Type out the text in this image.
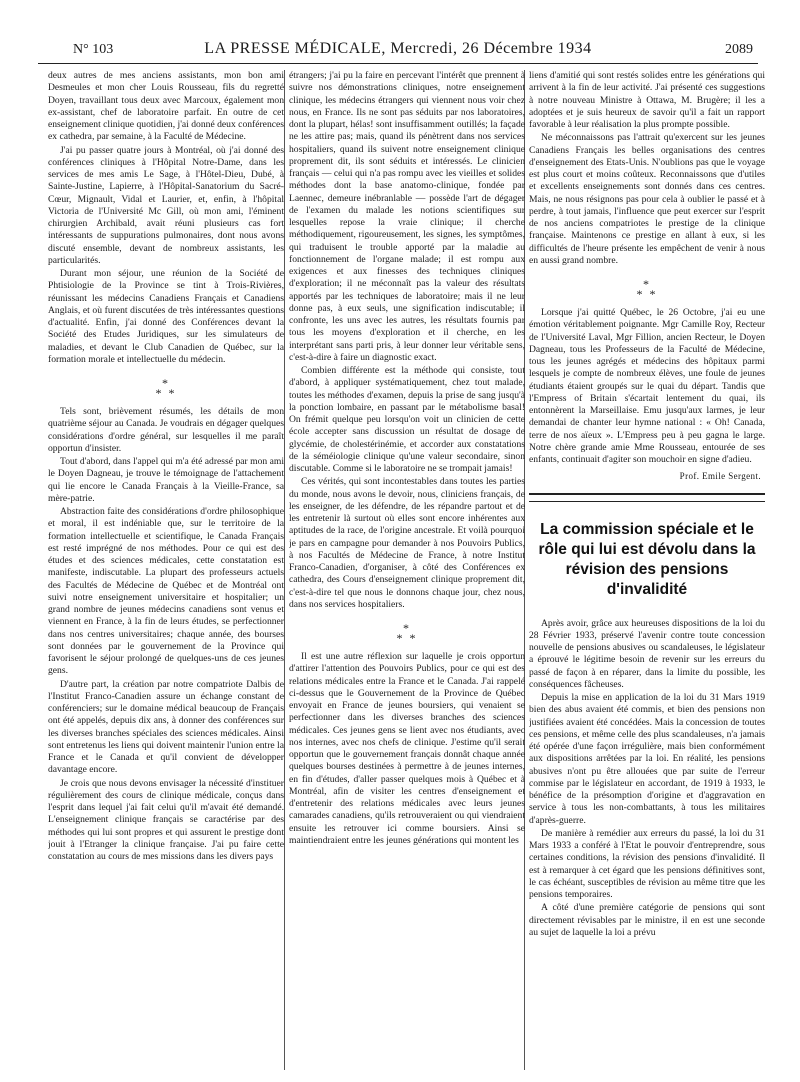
N° 103	LA PRESSE MÉDICALE, Mercredi, 26 Décembre 1934	2089

deux autres de mes anciens assistants, mon bon ami Desmeules et mon cher Louis Rousseau, fils du regretté Doyen, travaillant tous deux avec Marcoux, également mon ex-assistant, chef de laboratoire parfait. En outre de cet enseignement clinique quotidien, j'ai donné deux conférences ex cathedra, par semaine, à la Faculté de Médecine.

J'ai pu passer quatre jours à Montréal, où j'ai donné des conférences cliniques à l'Hôpital Notre-Dame, dans les services de mes amis Le Sage, à l'Hôtel-Dieu, Dubé, à Sainte-Justine, Lapierre, à l'Hôpital-Sanatorium du Sacré-Cœur, Mignault, Vidal et Laurier, et, enfin, à l'hôpital Victoria de l'Université Mc Gill, où mon ami, l'éminent chirurgien Archibald, avait réuni plusieurs cas fort intéressants de suppurations pulmonaires, dont nous avons discuté ensemble, devant de nombreux assistants, les particularités.

Durant mon séjour, une réunion de la Société de Phtisiologie de la Province se tint à Trois-Rivières, réunissant les médecins Canadiens Français et Canadiens Anglais, et où furent discutées de très intéressantes questions d'actualité. Enfin, j'ai donné des Conférences devant la Société des Etudes Juridiques, sur les simulateurs de maladies, et devant le Club Canadien de Québec, sur la formation morale et intellectuelle du médecin.

*
* *

Tels sont, brièvement résumés, les détails de mon quatrième séjour au Canada. Je voudrais en dégager quelques considérations d'ordre général, sur lesquelles il me paraît opportun d'insister.

Tout d'abord, dans l'appel qui m'a été adressé par mon ami le Doyen Dagneau, je trouve le témoignage de l'attachement qui lie encore le Canada Français à la Vieille-France, sa mère-patrie.

Abstraction faite des considérations d'ordre philosophique et moral, il est indéniable que, sur le territoire de la formation intellectuelle et scientifique, le Canada Français est resté imprégné de nos méthodes. Pour ce qui est des études et des sciences médicales, cette constatation est manifeste, indiscutable. La plupart des professeurs actuels des Facultés de Médecine de Québec et de Montréal ont suivi notre enseignement universitaire et hospitalier; un grand nombre de jeunes médecins canadiens sont venus et viennent en France, à la fin de leurs études, se perfectionner dans nos centres universitaires; chaque année, des bourses sont données par le gouvernement de la Province qui favorisent le séjour prolongé de quelques-uns de ces jeunes gens.

D'autre part, la création par notre compatriote Dalbis de l'Institut Franco-Canadien assure un échange constant de conférenciers; sur le domaine médical beaucoup de Français ont été appelés, depuis dix ans, à donner des conférences sur les diverses branches spéciales des sciences médicales. Ainsi sont entretenus les liens qui doivent maintenir l'union entre la France et le Canada et qu'il convient de développer davantage encore.

Je crois que nous devons envisager la nécessité d'instituer régulièrement des cours de clinique médicale, conçus dans l'esprit dans lequel j'ai fait celui qu'il m'avait été demandé. L'enseignement clinique français se caractérise par des méthodes qui lui sont propres et qui assurent le prestige dont jouit à l'Etranger la clinique française. J'ai pu faire cette constatation au cours de mes missions dans les divers pays

étrangers; j'ai pu la faire en percevant l'intérêt que prennent à suivre nos démonstrations cliniques, notre enseignement clinique, les médecins étrangers qui viennent nous voir chez nous, en France. Ils ne sont pas séduits par nos laboratoires, dont la plupart, hélas! sont insuffisamment outillés; la façade ne les attire pas; mais, quand ils pénètrent dans nos services hospitaliers, quand ils suivent notre enseignement clinique proprement dit, ils sont séduits et intéressés. Le clinicien français — celui qui n'a pas rompu avec les vieilles et solides méthodes dont la base anatomo-clinique, fondée par Laennec, demeure inébranlable — possède l'art de dégager de l'examen du malade les notions scientifiques sur lesquelles repose la vraie clinique; il cherche méthodiquement, rigoureusement, les signes, les symptômes, qui traduisent le trouble apporté par la maladie au fonctionnement de l'organe malade; il est rompu aux exigences et aux finesses des techniques cliniques d'exploration; il ne méconnaît pas la valeur des résultats apportés par les techniques de laboratoire; mais il ne leur donne pas, à eux seuls, une signification indiscutable; il confronte, les uns avec les autres, les résultats fournis par tous les moyens d'exploration et il cherche, en les interprétant sans parti pris, à leur donner leur véritable sens, c'est-à-dire à faire un diagnostic exact.

Combien différente est la méthode qui consiste, tout d'abord, à appliquer systématiquement, chez tout malade, toutes les méthodes d'examen, depuis la prise de sang jusqu'à la ponction lombaire, en passant par le métabolisme basal! On frémit quelque peu lorsqu'on voit un clinicien de cette école accepter sans discussion un résultat de dosage de glycémie, de cholestérinémie, et accorder aux constatations de la séméiologie clinique qu'une valeur secondaire, sinon discutable. Comme si le laboratoire ne se trompait jamais!

Ces vérités, qui sont incontestables dans toutes les parties du monde, nous avons le devoir, nous, cliniciens français, de les enseigner, de les défendre, de les répandre partout et de les entretenir là surtout où elles sont encore inhérentes aux aptitudes de la race, de l'origine ancestrale. Et voilà pourquoi je pars en campagne pour demander à nos Pouvoirs Publics, à nos Facultés de Médecine de France, à notre Institut Franco-Canadien, d'organiser, à côté des Conférences ex cathedra, des Cours d'enseignement clinique proprement dit, c'est-à-dire tel que nous le donnons chaque jour, chez nous, dans nos services hospitaliers.

*
* *

Il est une autre réflexion sur laquelle je crois opportun d'attirer l'attention des Pouvoirs Publics, pour ce qui est des relations médicales entre la France et le Canada. J'ai rappelé ci-dessus que le Gouvernement de la Province de Québec envoyait en France de jeunes boursiers, qui venaient se perfectionner dans les diverses branches des sciences médicales. Ces jeunes gens se lient avec nos étudiants, avec nos internes, avec nos chefs de clinique. J'estime qu'il serait opportun que le gouvernement français donnât chaque année quelques bourses destinées à permettre à de jeunes internes, en fin d'études, d'aller passer quelques mois à Québec et à Montréal, afin de visiter les centres d'enseignement et d'entretenir des relations médicales avec leurs jeunes camarades canadiens, qu'ils retrouveraient ou qui viendraient ensuite les retrouver ici comme boursiers. Ainsi se maintiendraient entre les jeunes générations qui montent les

liens d'amitié qui sont restés solides entre les générations qui arrivent à la fin de leur activité. J'ai présenté ces suggestions à notre nouveau Ministre à Ottawa, M. Brugère; il les a adoptées et je suis heureux de savoir qu'il a fait un rapport favorable à leur réalisation la plus prompte possible.

Ne méconnaissons pas l'attrait qu'exercent sur les jeunes Canadiens Français les belles organisations des centres d'enseignement des Etats-Unis. N'oublions pas que le voyage est plus court et moins coûteux. Reconnaissons que d'utiles et excellents enseignements sont donnés dans ces centres. Mais, ne nous résignons pas pour cela à oublier le passé et à perdre, à tout jamais, l'influence que peut exercer sur l'esprit de nos anciens compatriotes le prestige de la clinique française. Maintenons ce prestige en allant à eux, si les difficultés de l'heure présente les empêchent de venir à nous en aussi grand nombre.

*
* *

Lorsque j'ai quitté Québec, le 26 Octobre, j'ai eu une émotion véritablement poignante. Mgr Camille Roy, Recteur de l'Université Laval, Mgr Fillion, ancien Recteur, le Doyen Dagneau, tous les Professeurs de la Faculté de Médecine, tous les jeunes agrégés et médecins des hôpitaux parmi lesquels je compte de nombreux élèves, une foule de jeunes étudiants étaient groupés sur le quai du départ. Tandis que l'Empress of Britain s'écartait lentement du quai, ils entonnèrent la Marseillaise. Emu jusqu'aux larmes, je leur demandai de chanter leur hymne national : « Oh! Canada, terre de nos aïeux ». L'Empress peu à peu gagna le large. Notre chère grande amie Mme Rousseau, entourée de ses enfants, continuait d'agiter son mouchoir en signe d'adieu.

Prof. Emile Sergent.
La commission spéciale et le rôle qui lui est dévolu dans la révision des pensions d'invalidité

Après avoir, grâce aux heureuses dispositions de la loi du 28 Février 1933, préservé l'avenir contre toute concession nouvelle de pensions abusives ou scandaleuses, le législateur a éprouvé le légitime besoin de revenir sur les erreurs du passé de façon à en réparer, dans la limite du possible, les conséquences fâcheuses.

Depuis la mise en application de la loi du 31 Mars 1919 bien des abus avaient été commis, et bien des pensions non justifiées avaient été concédées. Mais la concession de toutes ces pensions, et même celle des plus scandaleuses, n'a jamais été opérée d'une façon irrégulière, mais bien conformément aux dispositions arrêtées par la loi. En réalité, les pensions abusives n'ont pu être allouées que par suite de l'erreur commise par le législateur en accordant, de 1919 à 1933, le bénéfice de la présomption d'origine et d'aggravation en service à tous les non-combattants, à tous les militaires d'après-guerre.

De manière à remédier aux erreurs du passé, la loi du 31 Mars 1933 a conféré à l'Etat le pouvoir d'entreprendre, sous certaines conditions, la révision des pensions d'invalidité. Il est à remarquer à cet égard que les pensions définitives sont, le cas échéant, susceptibles de révision au même titre que les pensions temporaires.

A côté d'une première catégorie de pensions qui sont directement révisables par le ministre, il en est une seconde au sujet de laquelle la loi a prévu
